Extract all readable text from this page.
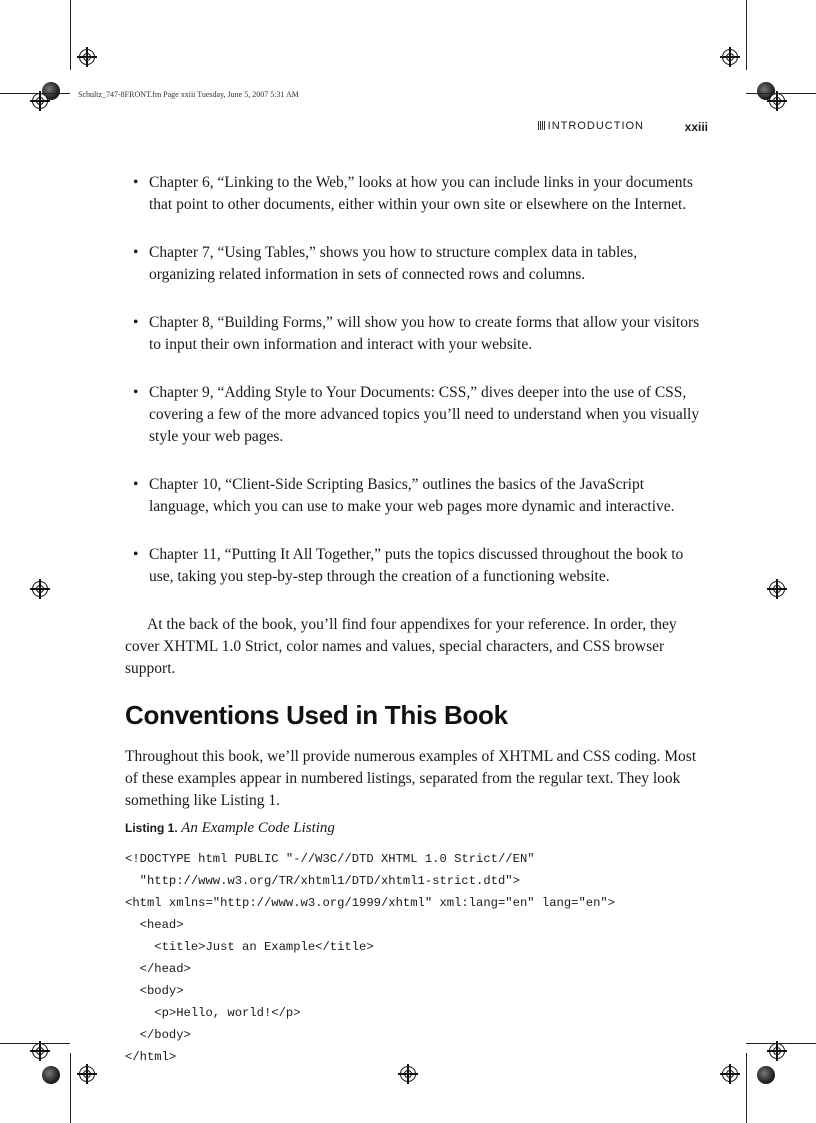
Schultz_747-8FRONT.fm Page xxiii Tuesday, June 5, 2007 5:31 AM
INTRODUCTION	xxiii
• Chapter 6, “Linking to the Web,” looks at how you can include links in your documents that point to other documents, either within your own site or elsewhere on the Internet.
• Chapter 7, “Using Tables,” shows you how to structure complex data in tables, organizing related information in sets of connected rows and columns.
• Chapter 8, “Building Forms,” will show you how to create forms that allow your visitors to input their own information and interact with your website.
• Chapter 9, “Adding Style to Your Documents: CSS,” dives deeper into the use of CSS, covering a few of the more advanced topics you’ll need to understand when you visually style your web pages.
• Chapter 10, “Client-Side Scripting Basics,” outlines the basics of the JavaScript language, which you can use to make your web pages more dynamic and interactive.
• Chapter 11, “Putting It All Together,” puts the topics discussed throughout the book to use, taking you step-by-step through the creation of a functioning website.

At the back of the book, you’ll find four appendixes for your reference. In order, they cover XHTML 1.0 Strict, color names and values, special characters, and CSS browser support.

Conventions Used in This Book

Throughout this book, we’ll provide numerous examples of XHTML and CSS coding. Most of these examples appear in numbered listings, separated from the regular text. They look something like Listing 1.

Listing 1. An Example Code Listing
<!DOCTYPE html PUBLIC "-//W3C//DTD XHTML 1.0 Strict//EN"
"http://www.w3.org/TR/xhtml1/DTD/xhtml1-strict.dtd">
<html xmlns="http://www.w3.org/1999/xhtml" xml:lang="en" lang="en">
<head>
<title>Just an Example</title>
</head>
<body>
<p>Hello, world!</p>
</body>
</html>
